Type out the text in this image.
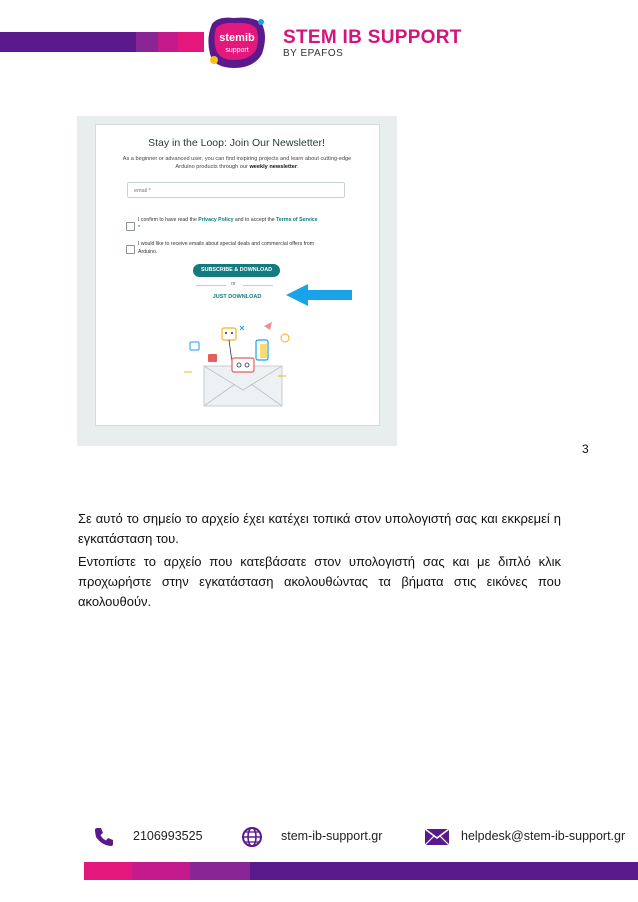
stemib
support
STEM IB SUPPORT
BY EPAFOS
Stay in the Loop: Join Our Newsletter!
As a beginner or advanced user, you can find inspiring projects and learn about cutting-edge
Arduino products through our weekly newsletter:
email *
I confirm to have read the Privacy Policy and to accept the Terms of Service *
I would like to receive emails about special deals and commercial offers from Arduino.
SUBSCRIBE & DOWNLOAD
or
JUST DOWNLOAD
3

Σε αυτό το σημείο το αρχείο έχει κατέχει τοπικά στον υπολογιστή σας και εκκρεμεί η εγκατάσταση του.

Εντοπίστε το αρχείο που κατεβάσατε στον υπολογιστή σας και με διπλό κλικ προχωρήστε στην εγκατάσταση ακολουθώντας τα βήματα στις εικόνες που ακολουθούν.

2106993525	stem-ib-support.gr	helpdesk@stem-ib-support.gr
